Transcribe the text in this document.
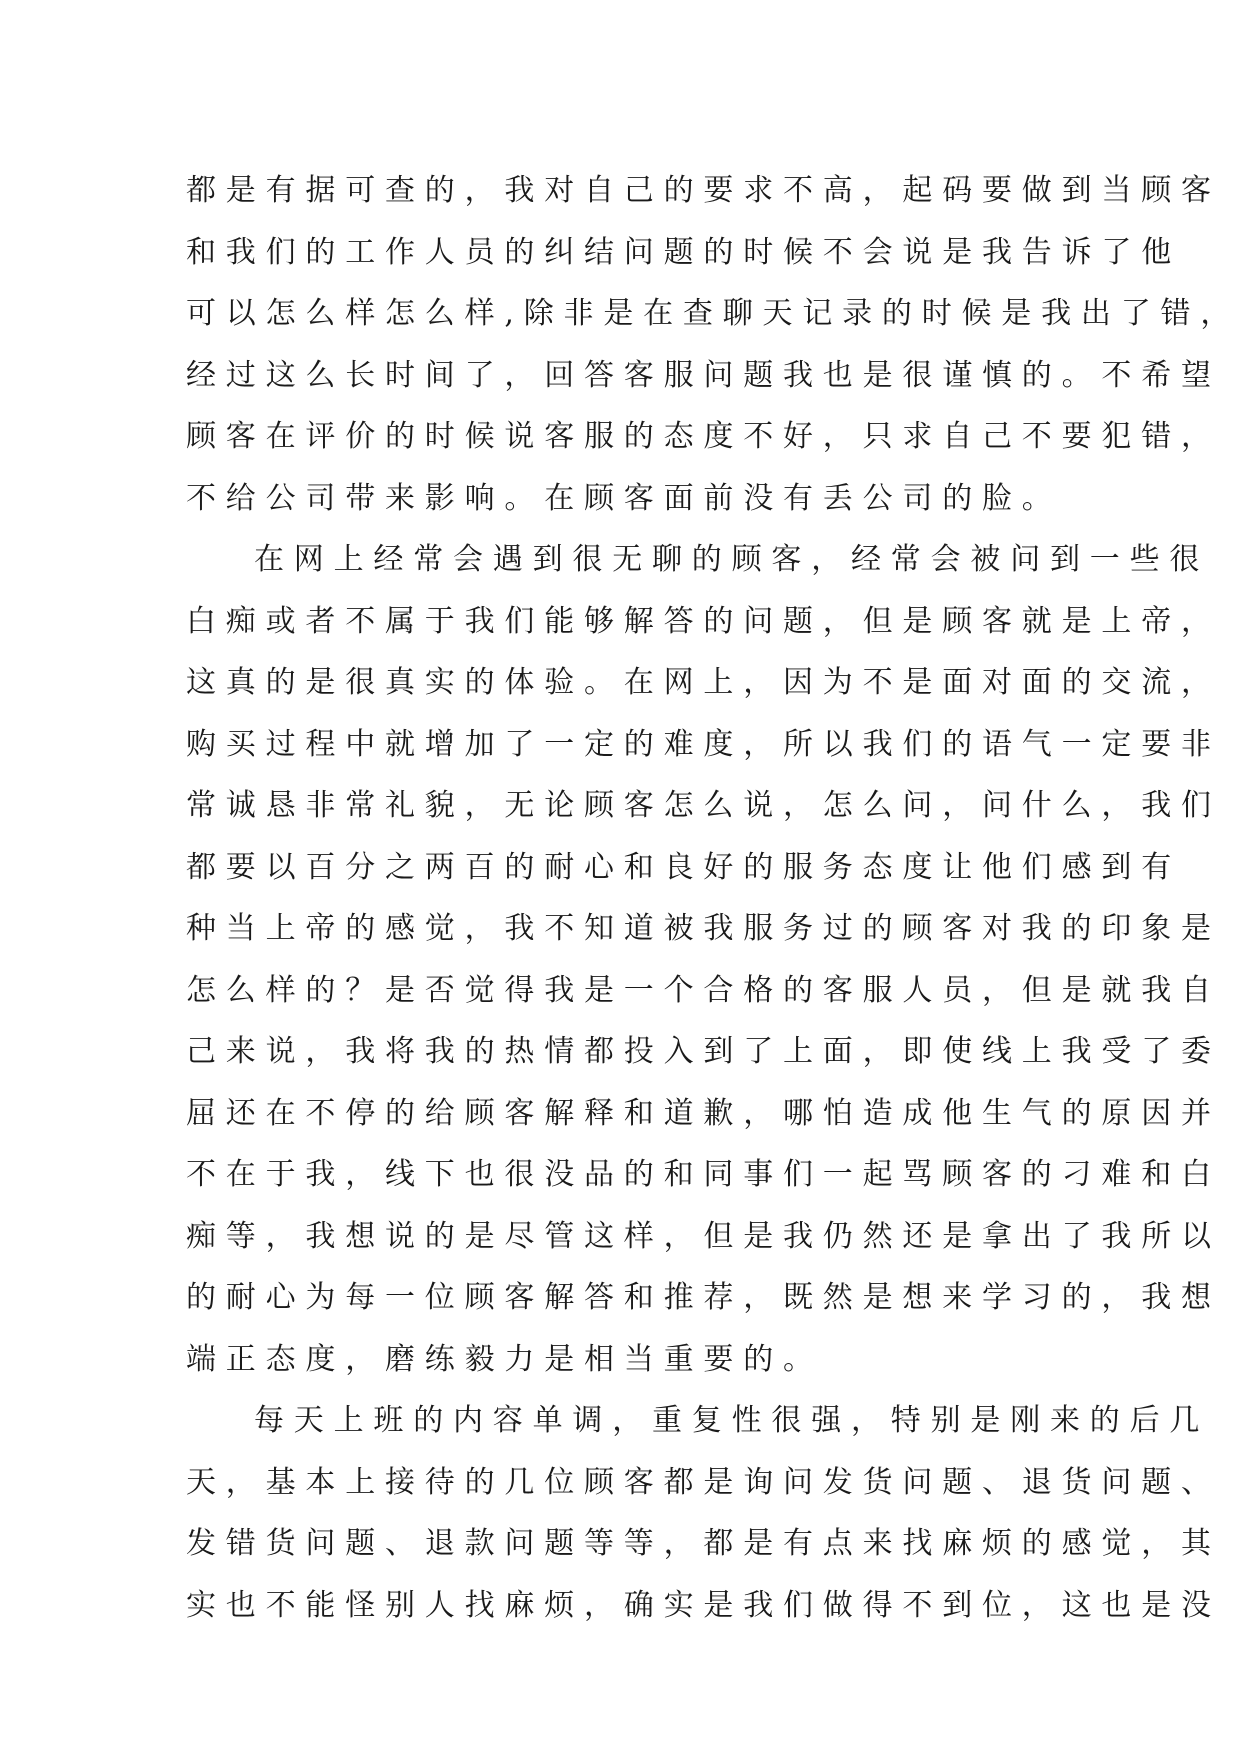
都是有据可查的，我对自己的要求不高，起码要做到当顾客
和我们的工作人员的纠结问题的时候不会说是我告诉了他
可以怎么样怎么样,除非是在查聊天记录的时候是我出了错，
经过这么长时间了，回答客服问题我也是很谨慎的。不希望
顾客在评价的时候说客服的态度不好，只求自己不要犯错，
不给公司带来影响。在顾客面前没有丢公司的脸。
在网上经常会遇到很无聊的顾客，经常会被问到一些很
白痴或者不属于我们能够解答的问题，但是顾客就是上帝，
这真的是很真实的体验。在网上，因为不是面对面的交流，
购买过程中就增加了一定的难度，所以我们的语气一定要非
常诚恳非常礼貌，无论顾客怎么说，怎么问，问什么，我们
都要以百分之两百的耐心和良好的服务态度让他们感到有
种当上帝的感觉，我不知道被我服务过的顾客对我的印象是
怎么样的？是否觉得我是一个合格的客服人员，但是就我自
己来说，我将我的热情都投入到了上面，即使线上我受了委
屈还在不停的给顾客解释和道歉，哪怕造成他生气的原因并
不在于我，线下也很没品的和同事们一起骂顾客的刁难和白
痴等，我想说的是尽管这样，但是我仍然还是拿出了我所以
的耐心为每一位顾客解答和推荐，既然是想来学习的，我想
端正态度，磨练毅力是相当重要的。
每天上班的内容单调，重复性很强，特别是刚来的后几
天，基本上接待的几位顾客都是询问发货问题、退货问题、
发错货问题、退款问题等等，都是有点来找麻烦的感觉，其
实也不能怪别人找麻烦，确实是我们做得不到位，这也是没
